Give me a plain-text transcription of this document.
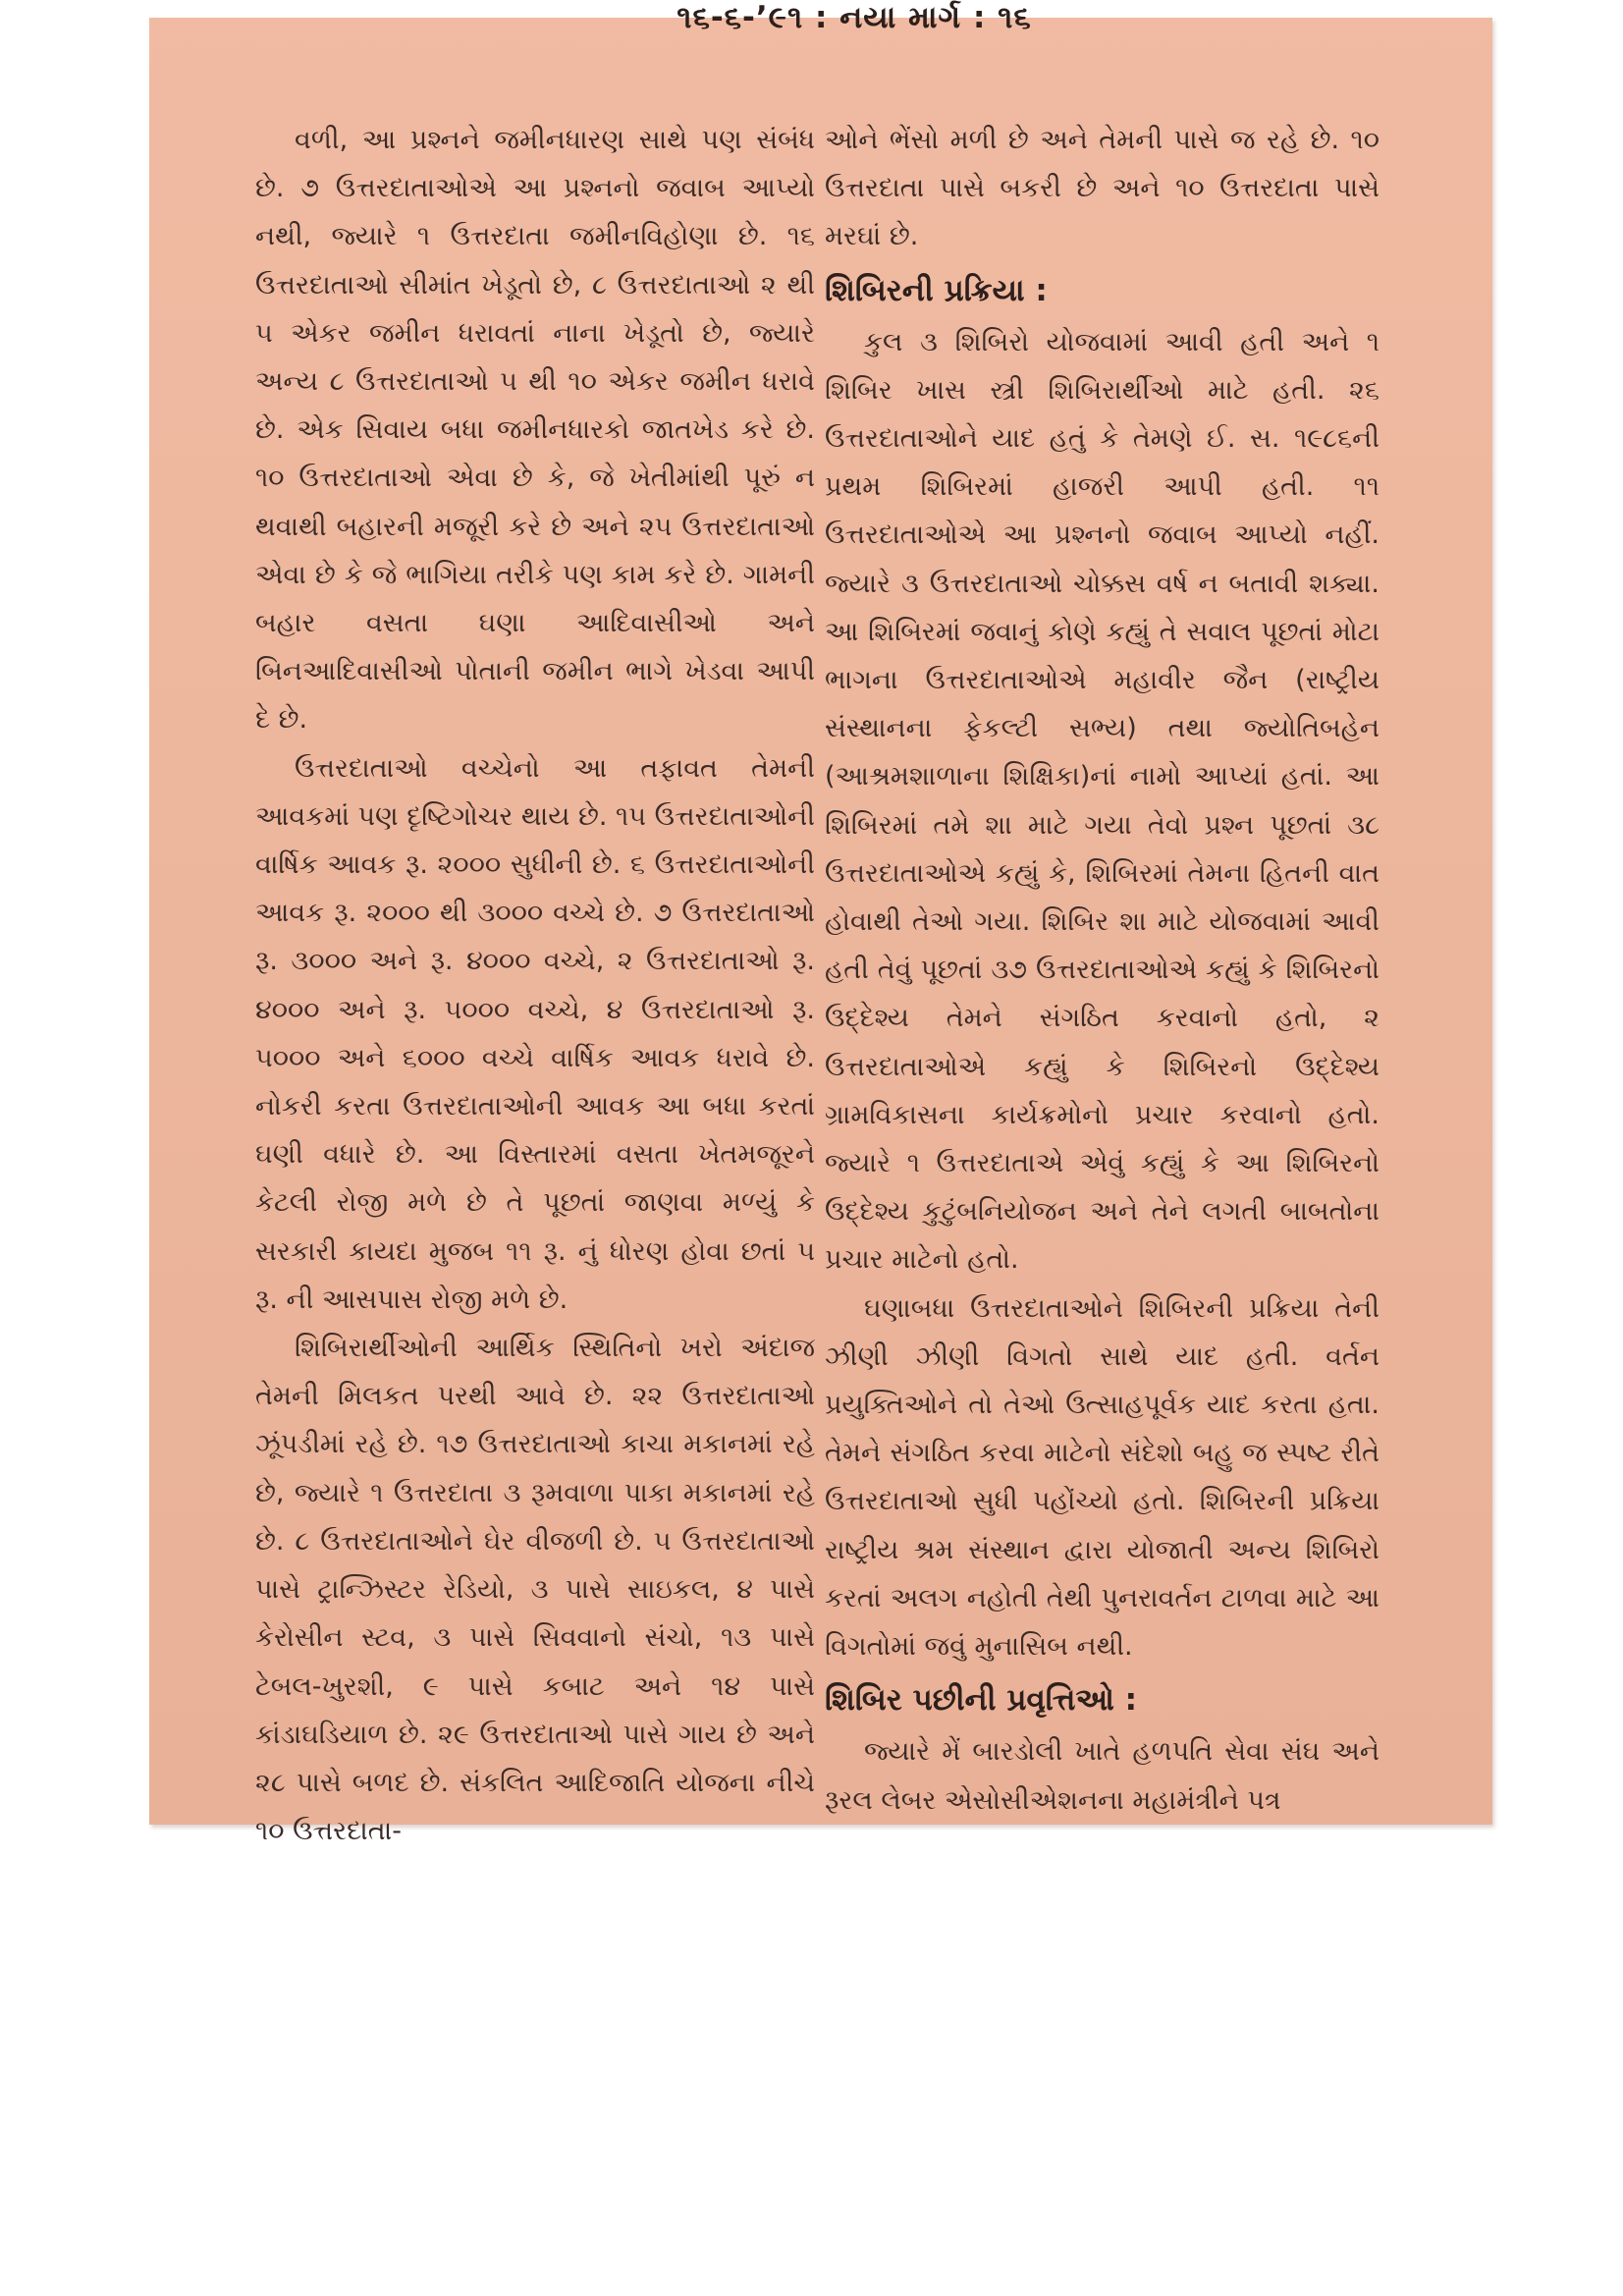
વળી, આ પ્રશ્નને જમીનધારણ સાથે પણ સંબંધ છે. ૭ ઉત્તરદાતાઓએ આ પ્રશ્નનો જવાબ આપ્યો નથી, જ્યારે ૧ ઉત્તરદાતા જમીનવિહોણા છે. ૧૬ ઉત્તરદાતાઓ સીમાંત ખેડૂતો છે, ૮ ઉત્તરદાતાઓ ૨ થી ૫ એકર જમીન ધરાવતાં નાના ખેડૂતો છે, જ્યારે અન્ય ૮ ઉત્તરદાતાઓ ૫ થી ૧૦ એકર જમીન ધરાવે છે. એક સિવાય બધા જમીનધારકો જાતખેડ કરે છે. ૧૦ ઉત્તરદાતાઓ એવા છે કે, જે ખેતીમાંથી પૂરું ન થવાથી બહારની મજૂરી કરે છે અને ૨૫ ઉત્તરદાતાઓ એવા છે કે જે ભાગિયા તરીકે પણ કામ કરે છે. ગામની બહાર વસતા ઘણા આદિવાસીઓ અને બિનઆદિવાસીઓ પોતાની જમીન ભાગે ખેડવા આપી દે છે.

ઉત્તરદાતાઓ વચ્ચેનો આ તફાવત તેમની આવકમાં પણ દૃષ્ટિગોચર થાય છે. ૧૫ ઉત્તરદાતાઓની વાર્ષિક આવક રૂ. ૨૦૦૦ સુધીની છે. ૬ ઉત્તરદાતાઓની આવક રૂ. ૨૦૦૦ થી ૩૦૦૦ વચ્ચે છે. ૭ ઉત્તરદાતાઓ રૂ. ૩૦૦૦ અને રૂ. ૪૦૦૦ વચ્ચે, ૨ ઉત્તરદાતાઓ રૂ. ૪૦૦૦ અને રૂ. ૫૦૦૦ વચ્ચે, ૪ ઉત્તરદાતાઓ રૂ. ૫૦૦૦ અને ૬૦૦૦ વચ્ચે વાર્ષિક આવક ધરાવે છે. નોકરી કરતા ઉત્તરદાતાઓની આવક આ બધા કરતાં ઘણી વધારે છે. આ વિસ્તારમાં વસતા ખેતમજૂરને કેટલી રોજી મળે છે તે પૂછતાં જાણવા મળ્યું કે સરકારી કાયદા મુજબ ૧૧ રૂ. નું ધોરણ હોવા છતાં ૫ રૂ. ની આસપાસ રોજી મળે છે.

શિબિરાર્થીઓની આર્થિક સ્થિતિનો ખરો અંદાજ તેમની મિલકત પરથી આવે છે. ૨૨ ઉત્તરદાતાઓ ઝૂંપડીમાં રહે છે. ૧૭ ઉત્તરદાતાઓ કાચા મકાનમાં રહે છે, જ્યારે ૧ ઉત્તરદાતા ૩ રૂમવાળા પાકા મકાનમાં રહે છે. ૮ ઉત્તરદાતાઓને ઘેર વીજળી છે. ૫ ઉત્તરદાતાઓ પાસે ટ્રાન્ઝિસ્ટર રેડિયો, ૩ પાસે સાઇકલ, ૪ પાસે કેરોસીન સ્ટવ, ૩ પાસે સિવવાનો સંચો, ૧૩ પાસે ટેબલ-ખુરશી, ૯ પાસે કબાટ અને ૧૪ પાસે કાંડાઘડિયાળ છે. ૨૯ ઉત્તરદાતાઓ પાસે ગાય છે અને ૨૮ પાસે બળદ છે. સંકલિત આદિજાતિ યોજના નીચે ૧૦ ઉત્તરદાતા-

ઓને ભેંસો મળી છે અને તેમની પાસે જ રહે છે. ૧૦ ઉત્તરદાતા પાસે બકરી છે અને ૧૦ ઉત્તરદાતા પાસે મરઘાં છે.

શિબિરની પ્રક્રિયા :

કુલ ૩ શિબિરો યોજવામાં આવી હતી અને ૧ શિબિર ખાસ સ્ત્રી શિબિરાર્થીઓ માટે હતી. ૨૬ ઉત્તરદાતાઓને યાદ હતું કે તેમણે ઈ. સ. ૧૯૮૬ની પ્રથમ શિબિરમાં હાજરી આપી હતી. ૧૧ ઉત્તરદાતાઓએ આ પ્રશ્નનો જવાબ આપ્યો નહીં. જ્યારે ૩ ઉત્તરદાતાઓ ચોક્કસ વર્ષ ન બતાવી શક્યા. આ શિબિરમાં જવાનું કોણે કહ્યું તે સવાલ પૂછતાં મોટા ભાગના ઉત્તરદાતાઓએ મહાવીર જૈન (રાષ્ટ્રીય સંસ્થાનના ફેકલ્ટી સભ્ય) તથા જ્યોતિબહેન (આશ્રમશાળાના શિક્ષિકા)નાં નામો આપ્યાં હતાં. આ શિબિરમાં તમે શા માટે ગયા તેવો પ્રશ્ન પૂછતાં ૩૮ ઉત્તરદાતાઓએ કહ્યું કે, શિબિરમાં તેમના હિતની વાત હોવાથી તેઓ ગયા. શિબિર શા માટે યોજવામાં આવી હતી તેવું પૂછતાં ૩૭ ઉત્તરદાતાઓએ કહ્યું કે શિબિરનો ઉદ્દેશ્ય તેમને સંગઠિત કરવાનો હતો, ૨ ઉત્તરદાતાઓએ કહ્યું કે શિબિરનો ઉદ્દેશ્ય ગ્રામવિકાસના કાર્યક્રમોનો પ્રચાર કરવાનો હતો. જ્યારે ૧ ઉત્તરદાતાએ એવું કહ્યું કે આ શિબિરનો ઉદ્દેશ્ય કુટુંબનિયોજન અને તેને લગતી બાબતોના પ્રચાર માટેનો હતો.

ઘણાબધા ઉત્તરદાતાઓને શિબિરની પ્રક્રિયા તેની ઝીણી ઝીણી વિગતો સાથે યાદ હતી. વર્તન પ્રયુક્તિઓને તો તેઓ ઉત્સાહપૂર્વક યાદ કરતા હતા. તેમને સંગઠિત કરવા માટેનો સંદેશો બહુ જ સ્પષ્ટ રીતે ઉત્તરદાતાઓ સુધી પહોંચ્યો હતો. શિબિરની પ્રક્રિયા રાષ્ટ્રીય શ્રમ સંસ્થાન દ્વારા યોજાતી અન્ય શિબિરો કરતાં અલગ નહોતી તેથી પુનરાવર્તન ટાળવા માટે આ વિગતોમાં જવું મુનાસિબ નથી.

શિબિર પછીની પ્રવૃત્તિઓ :

જ્યારે મેં બારડોલી ખાતે હળપતિ સેવા સંઘ અને રૂરલ લેબર એસોસીએશનના મહામંત્રીને પત્ર

૧૬-૬-’૯૧ : નયા માર્ગ : ૧૬
